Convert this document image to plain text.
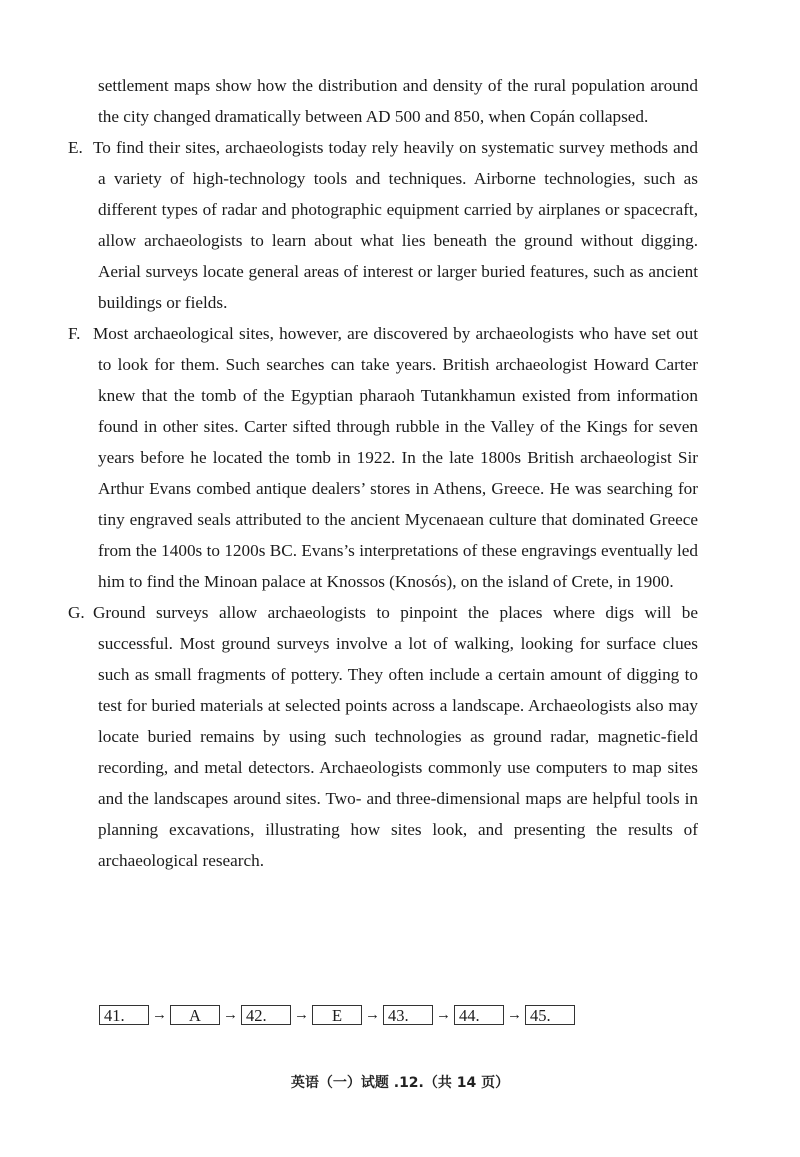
settlement maps show how the distribution and density of the rural population around the city changed dramatically between AD 500 and 850, when Copán collapsed.
E. To find their sites, archaeologists today rely heavily on systematic survey methods and a variety of high-technology tools and techniques. Airborne technologies, such as different types of radar and photographic equipment carried by airplanes or spacecraft, allow archaeologists to learn about what lies beneath the ground without digging. Aerial surveys locate general areas of interest or larger buried features, such as ancient buildings or fields.
F. Most archaeological sites, however, are discovered by archaeologists who have set out to look for them. Such searches can take years. British archaeologist Howard Carter knew that the tomb of the Egyptian pharaoh Tutankhamun existed from information found in other sites. Carter sifted through rubble in the Valley of the Kings for seven years before he located the tomb in 1922. In the late 1800s British archaeologist Sir Arthur Evans combed antique dealers’ stores in Athens, Greece. He was searching for tiny engraved seals attributed to the ancient Mycenaean culture that dominated Greece from the 1400s to 1200s BC. Evans’s interpretations of these engravings eventually led him to find the Minoan palace at Knossos (Knosós), on the island of Crete, in 1900.
G. Ground surveys allow archaeologists to pinpoint the places where digs will be successful. Most ground surveys involve a lot of walking, looking for surface clues such as small fragments of pottery. They often include a certain amount of digging to test for buried materials at selected points across a landscape. Archaeologists also may locate buried remains by using such technologies as ground radar, magnetic-field recording, and metal detectors. Archaeologists commonly use computers to map sites and the landscapes around sites. Two- and three-dimensional maps are helpful tools in planning excavations, illustrating how sites look, and presenting the results of archaeological research.
41.	→	A	→ 42.	→	E	→ 43.	→ 44.	→ 45.
英语（一）试题 .12.（共 14 页）
